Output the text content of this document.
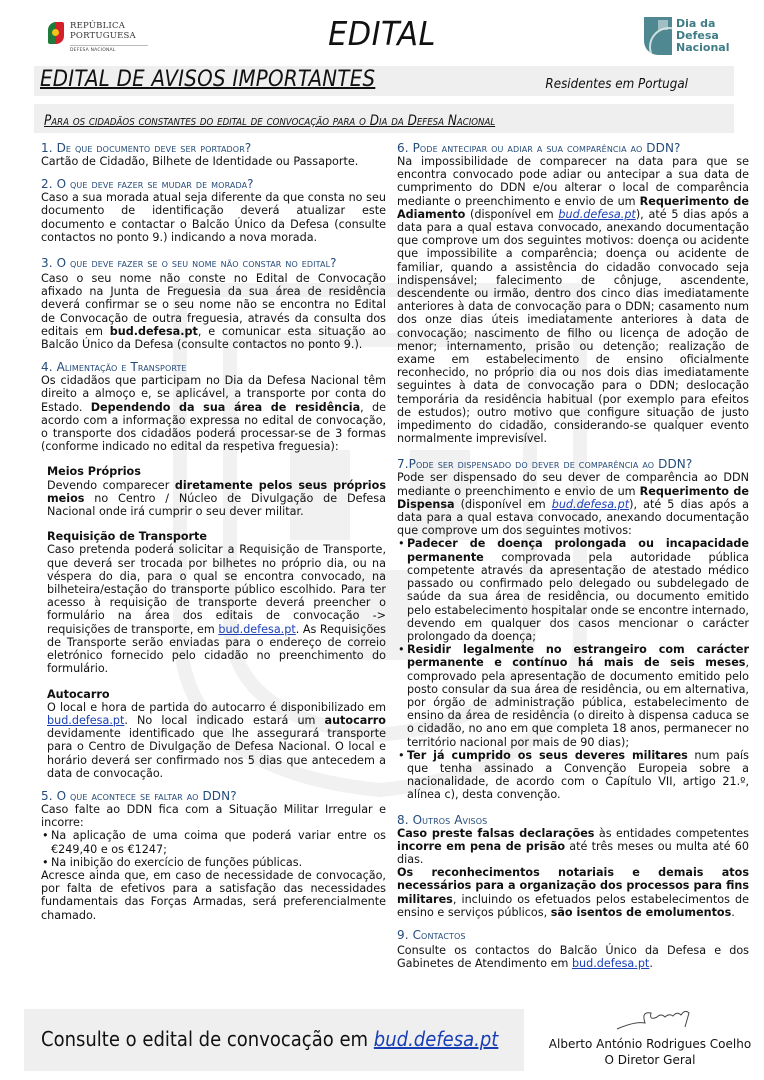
REPÚBLICA
PORTUGUESA
DEFESA NACIONAL	EDITAL	Dia da
Defesa
Nacional
EDITAL DE AVISOS IMPORTANTES	Residentes em Portugal
Para os cidadãos constantes do edital de convocação para o Dia da Defesa Nacional
1. De que documento deve ser portador?
Cartão de Cidadão, Bilhete de Identidade ou Passaporte.
2. O que deve fazer se mudar de morada?
Caso a sua morada atual seja diferente da que consta no seu documento de identificação deverá atualizar este documento e contactar o Balcão Único da Defesa (consulte contactos no ponto 9.) indicando a nova morada.
3. O que deve fazer se o seu nome não constar no edital?
Caso o seu nome não conste no Edital de Convocação afixado na Junta de Freguesia da sua área de residência deverá confirmar se o seu nome não se encontra no Edital de Convocação de outra freguesia, através da consulta dos editais em bud.defesa.pt, e comunicar esta situação ao Balcão Único da Defesa (consulte contactos no ponto 9.).
4. Alimentação e Transporte
Os cidadãos que participam no Dia da Defesa Nacional têm direito a almoço e, se aplicável, a transporte por conta do Estado. Dependendo da sua área de residência, de acordo com a informação expressa no edital de convocação, o transporte dos cidadãos poderá processar-se de 3 formas (conforme indicado no edital da respetiva freguesia):
Meios Próprios
Devendo comparecer diretamente pelos seus próprios meios no Centro / Núcleo de Divulgação de Defesa Nacional onde irá cumprir o seu dever militar.
Requisição de Transporte
Caso pretenda poderá solicitar a Requisição de Transporte, que deverá ser trocada por bilhetes no próprio dia, ou na véspera do dia, para o qual se encontra convocado, na bilheteira/estação do transporte público escolhido. Para ter acesso à requisição de transporte deverá preencher o formulário na área dos editais de convocação -> requisições de transporte, em bud.defesa.pt. As Requisições de Transporte serão enviadas para o endereço de correio eletrónico fornecido pelo cidadão no preenchimento do formulário.
Autocarro
O local e hora de partida do autocarro é disponibilizado em bud.defesa.pt. No local indicado estará um autocarro devidamente identificado que lhe assegurará transporte para o Centro de Divulgação de Defesa Nacional. O local e horário deverá ser confirmado nos 5 dias que antecedem a data de convocação.
5. O que acontece se faltar ao DDN?
Caso falte ao DDN fica com a Situação Militar Irregular e incorre:
• Na aplicação de uma coima que poderá variar entre os €249,40 e os €1247;
• Na inibição do exercício de funções públicas.
Acresce ainda que, em caso de necessidade de convocação, por falta de efetivos para a satisfação das necessidades fundamentais das Forças Armadas, será preferencialmente chamado.
6. Pode antecipar ou adiar a sua comparência ao DDN?
Na impossibilidade de comparecer na data para que se encontra convocado pode adiar ou antecipar a sua data de cumprimento do DDN e/ou alterar o local de comparência mediante o preenchimento e envio de um Requerimento de Adiamento (disponível em bud.defesa.pt), até 5 dias após a data para a qual estava convocado, anexando documentação que comprove um dos seguintes motivos: doença ou acidente que impossibilite a comparência; doença ou acidente de familiar, quando a assistência do cidadão convocado seja indispensável; falecimento de cônjuge, ascendente, descendente ou irmão, dentro dos cinco dias imediatamente anteriores à data de convocação para o DDN; casamento num dos onze dias úteis imediatamente anteriores à data de convocação; nascimento de filho ou licença de adoção de menor; internamento, prisão ou detenção; realização de exame em estabelecimento de ensino oficialmente reconhecido, no próprio dia ou nos dois dias imediatamente seguintes à data de convocação para o DDN; deslocação temporária da residência habitual (por exemplo para efeitos de estudos); outro motivo que configure situação de justo impedimento do cidadão, considerando-se qualquer evento normalmente imprevisível.
7.Pode ser dispensado do dever de comparência ao DDN?
Pode ser dispensado do seu dever de comparência ao DDN mediante o preenchimento e envio de um Requerimento de Dispensa (disponível em bud.defesa.pt), até 5 dias após a data para a qual estava convocado, anexando documentação que comprove um dos seguintes motivos:
• Padecer de doença prolongada ou incapacidade permanente comprovada pela autoridade pública competente através da apresentação de atestado médico passado ou confirmado pelo delegado ou subdelegado de saúde da sua área de residência, ou documento emitido pelo estabelecimento hospitalar onde se encontre internado, devendo em qualquer dos casos mencionar o carácter prolongado da doença;
• Residir legalmente no estrangeiro com carácter permanente e contínuo há mais de seis meses, comprovado pela apresentação de documento emitido pelo posto consular da sua área de residência, ou em alternativa, por órgão de administração pública, estabelecimento de ensino da área de residência (o direito à dispensa caduca se o cidadão, no ano em que completa 18 anos, permanecer no território nacional por mais de 90 dias);
• Ter já cumprido os seus deveres militares num país que tenha assinado a Convenção Europeia sobre a nacionalidade, de acordo com o Capítulo VII, artigo 21.º, alínea c), desta convenção.
8. Outros Avisos
Caso preste falsas declarações às entidades competentes incorre em pena de prisão até três meses ou multa até 60 dias.
Os reconhecimentos notariais e demais atos necessários para a organização dos processos para fins militares, incluindo os efetuados pelos estabelecimentos de ensino e serviços públicos, são isentos de emolumentos.
9. Contactos
Consulte os contactos do Balcão Único da Defesa e dos Gabinetes de Atendimento em bud.defesa.pt.
Consulte o edital de convocação em bud.defesa.pt	Alberto António Rodrigues Coelho
O Diretor Geral
